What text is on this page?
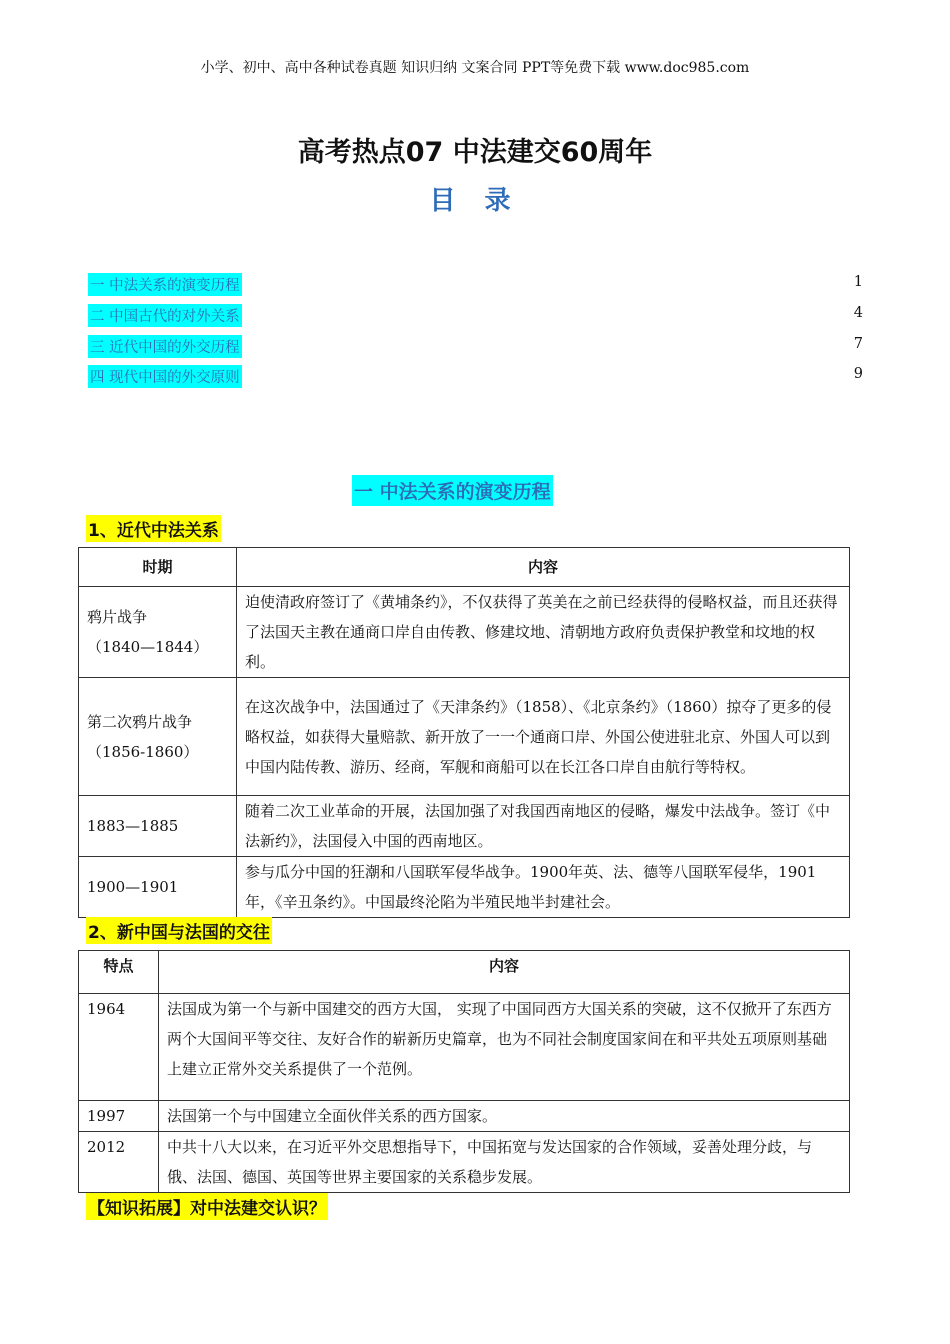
小学、初中、高中各种试卷真题 知识归纳 文案合同 PPT等免费下载 www.doc985.com
高考热点07 中法建交60周年
目 录
一 中法关系的演变历程	1
二 中国古代的对外关系	4
三 近代中国的外交历程	7
四 现代中国的外交原则	9
一 中法关系的演变历程
1、近代中法关系
时期	内容

鸦片战争
（1840—1844）	迫使清政府签订了《黄埔条约》，不仅获得了英美在之前已经获得的侵略权益，而且还获得了法国天主教在通商口岸自由传教、修建坟地、清朝地方政府负责保护教堂和坟地的权利。

第二次鸦片战争
（1856-1860）	在这次战争中，法国通过了《天津条约》（1858）、《北京条约》（1860）掠夺了更多的侵略权益，如获得大量赔款、新开放了一一个通商口岸、外国公使进驻北京、外国人可以到中国内陆传教、游历、经商，军舰和商船可以在长江各口岸自由航行等特权。
1883—1885	随着二次工业革命的开展，法国加强了对我国西南地区的侵略，爆发中法战争。签订《中法新约》，法国侵入中国的西南地区。
1900—1901	参与瓜分中国的狂潮和八国联军侵华战争。1900年英、法、德等八国联军侵华，1901年，《辛丑条约》。中国最终沦陷为半殖民地半封建社会。
2、新中国与法国的交往
特点	内容
1964	法国成为第一个与新中国建交的西方大国， 实现了中国同西方大国关系的突破，这不仅掀开了东西方两个大国间平等交往、友好合作的崭新历史篇章，也为不同社会制度国家间在和平共处五项原则基础上建立正常外交关系提供了一个范例。
1997	法国第一个与中国建立全面伙伴关系的西方国家。
2012	中共十八大以来，在习近平外交思想指导下，中国拓宽与发达国家的合作领域，妥善处理分歧，与俄、法国、德国、英国等世界主要国家的关系稳步发展。
【知识拓展】对中法建交认识？
